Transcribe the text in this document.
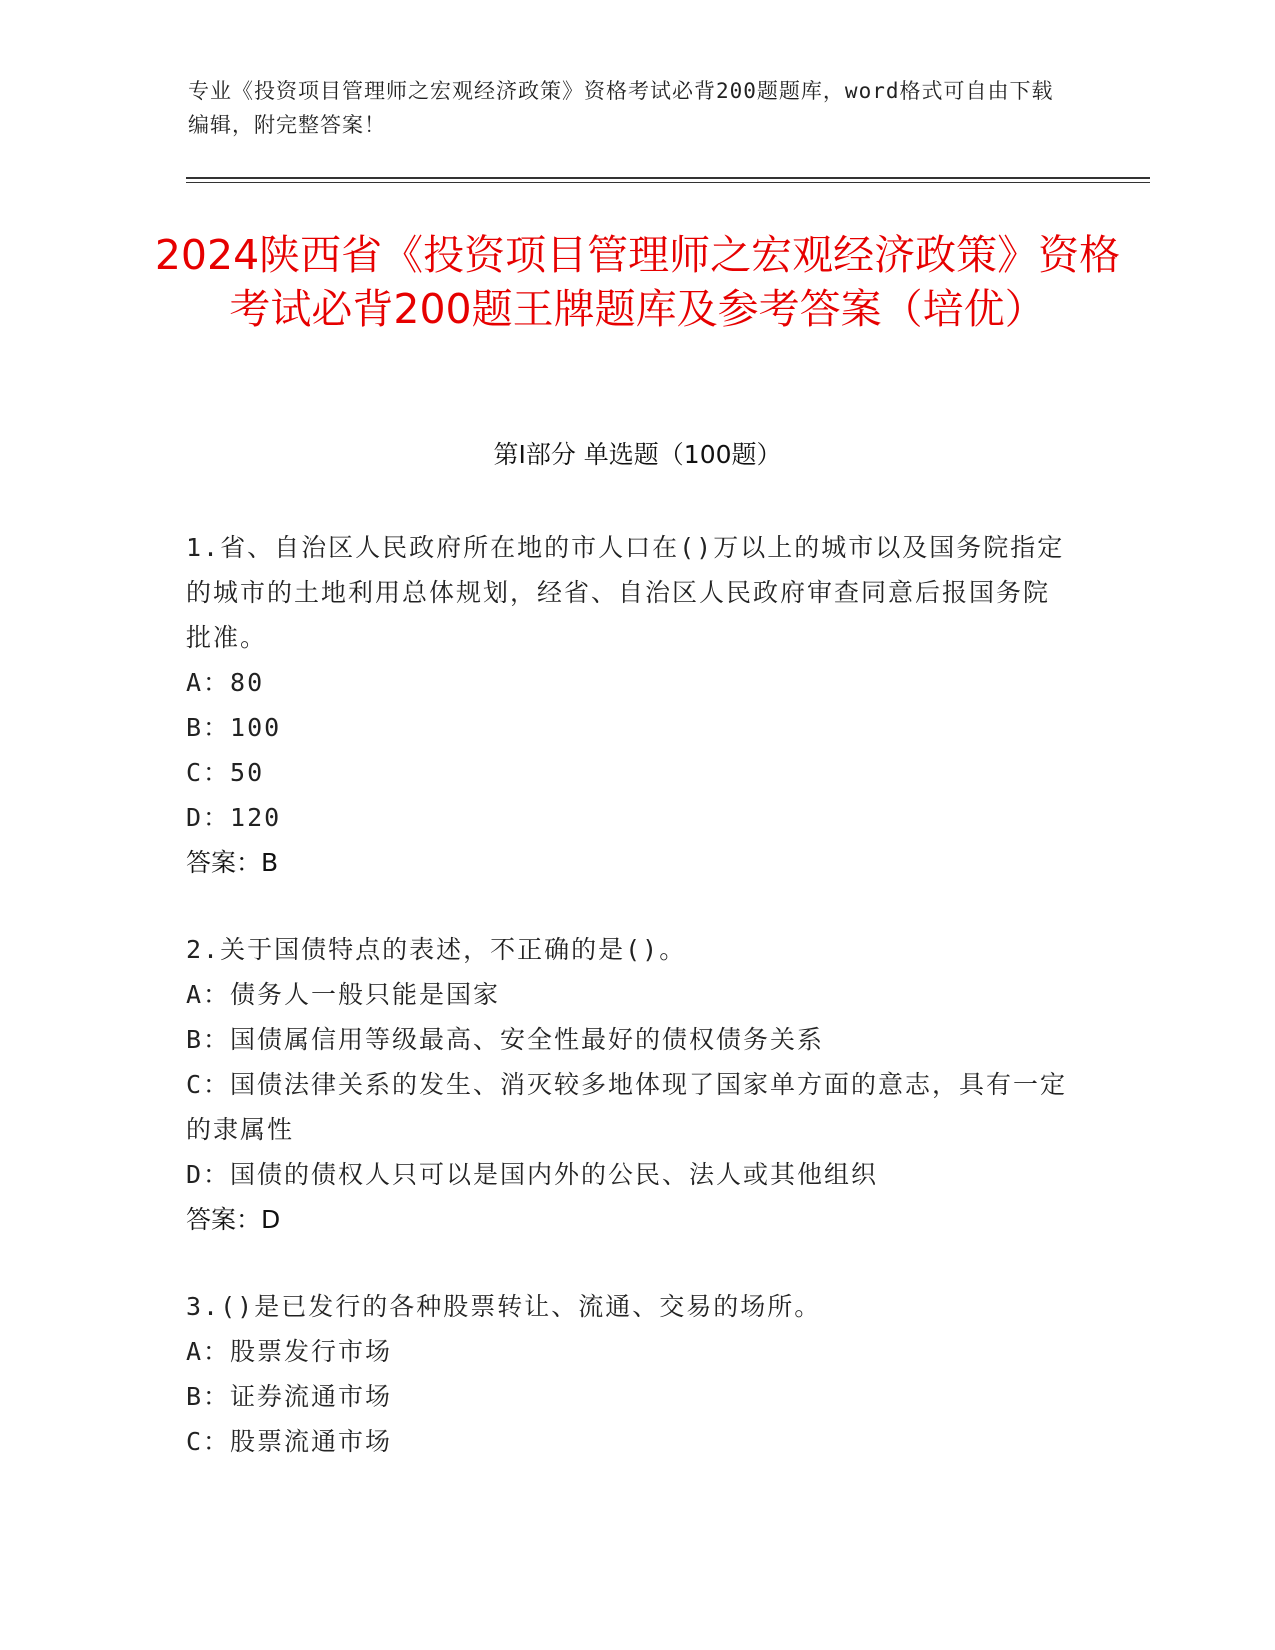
专业《投资项目管理师之宏观经济政策》资格考试必背200题题库，word格式可自由下载编辑，附完整答案！
2024陕西省《投资项目管理师之宏观经济政策》资格考试必背200题王牌题库及参考答案（培优）
第I部分 单选题（100题）

1.省、自治区人民政府所在地的市人口在()万以上的城市以及国务院指定的城市的土地利用总体规划，经省、自治区人民政府审查同意后报国务院批准。

A：80

B：100

C：50

D：120

答案：B

2.关于国债特点的表述，不正确的是()。

A：债务人一般只能是国家

B：国债属信用等级最高、安全性最好的债权债务关系

C：国债法律关系的发生、消灭较多地体现了国家单方面的意志，具有一定的隶属性

D：国债的债权人只可以是国内外的公民、法人或其他组织

答案：D

3.()是已发行的各种股票转让、流通、交易的场所。

A：股票发行市场

B：证券流通市场

C：股票流通市场
